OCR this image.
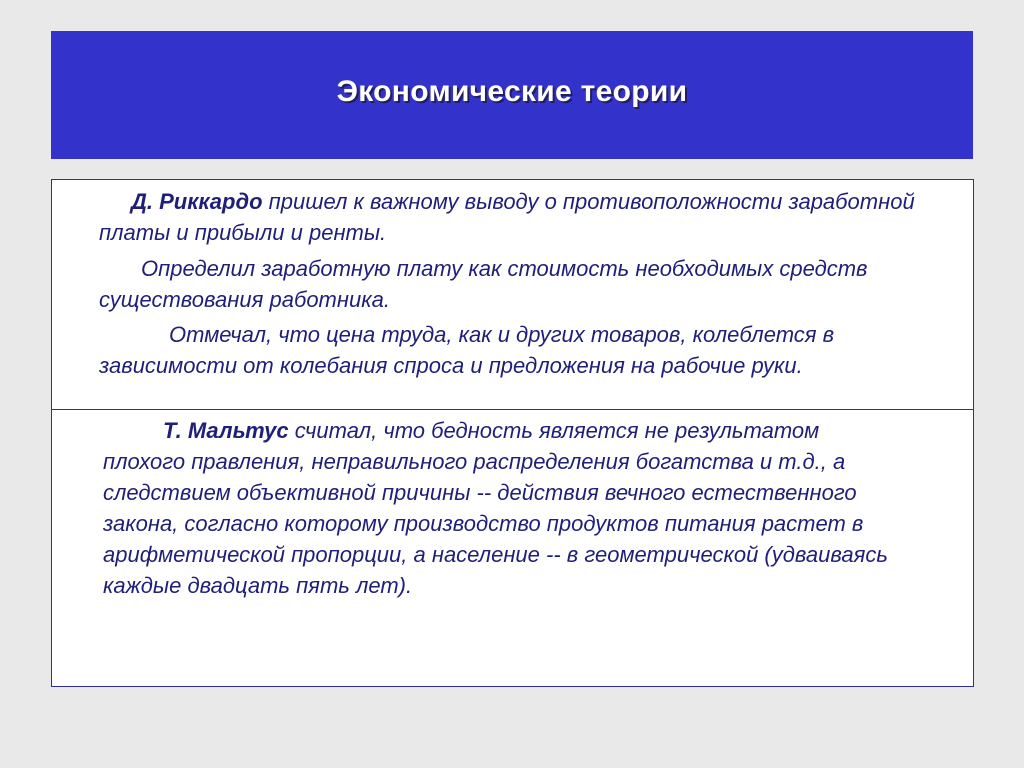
Экономические теории

Д. Риккардо пришел к важному выводу о противоположности заработной платы и прибыли и ренты.

Определил заработную плату как стоимость необходимых средств существования работника.

Отмечал, что цена труда, как и других товаров, колеблется в зависимости от колебания спроса и предложения на рабочие руки.

Т. Мальтус считал, что бедность является не результатом плохого правления, неправильного распределения богатства и т.д., а следствием объективной причины -- действия вечного естественного закона, согласно которому производство продуктов питания растет в арифметической пропорции, а население -- в геометрической (удваиваясь каждые двадцать пять лет).
